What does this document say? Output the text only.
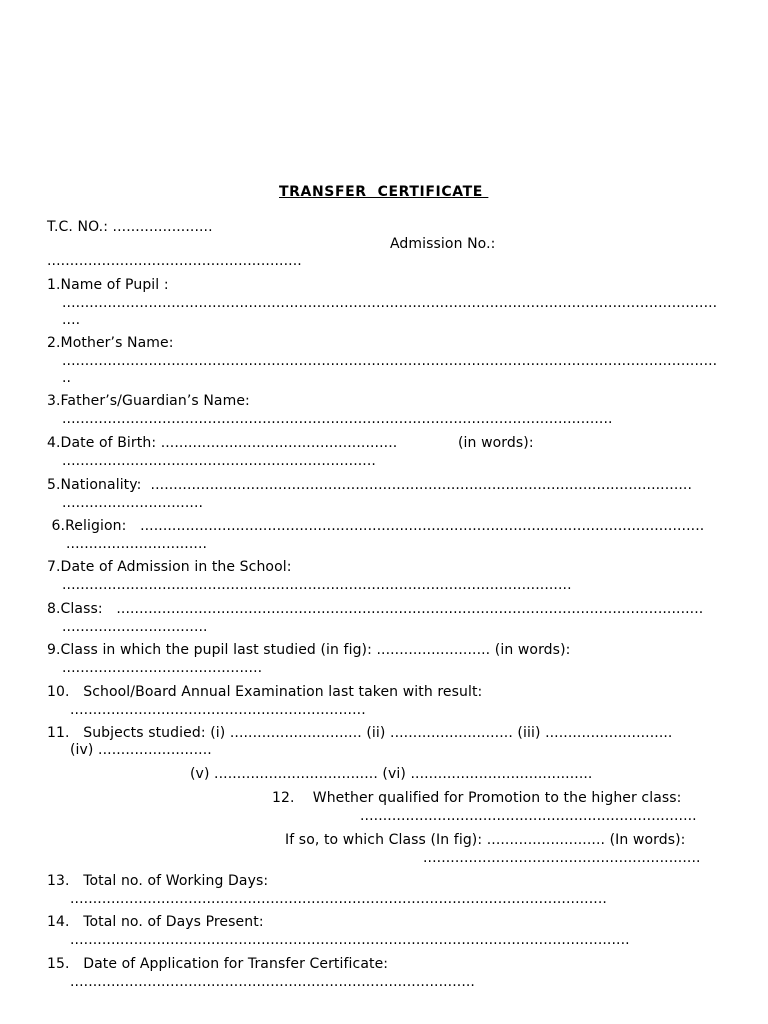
TRANSFER  CERTIFICATE
T.C. NO.: ......................
Admission No.:
........................................................
1.Name of Pupil :
................................................................................................................................................
....
2.Mother’s Name:
................................................................................................................................................
..
3.Father’s/Guardian’s Name:
.........................................................................................................................
4.Date of Birth: ....................................................	(in words):
.....................................................................
5.Nationality:  .......................................................................................................................
...............................
6.Religion:   ............................................................................................................................
...............................
7.Date of Admission in the School:
................................................................................................................
8.Class:   .................................................................................................................................
................................
9.Class in which the pupil last studied (in fig): ......................... (in words):
............................................
10.   School/Board Annual Examination last taken with result:
.................................................................
11.   Subjects studied: (i) ............................. (ii) ........................... (iii) ............................
(iv) .........................
(v) .................................... (vi) ........................................
12.    Whether qualified for Promotion to the higher class:
..........................................................................
If so, to which Class (In fig): .......................... (In words):
.............................................................
13.   Total no. of Working Days:
......................................................................................................................
14.   Total no. of Days Present:
...........................................................................................................................
15.   Date of Application for Transfer Certificate:
.........................................................................................
